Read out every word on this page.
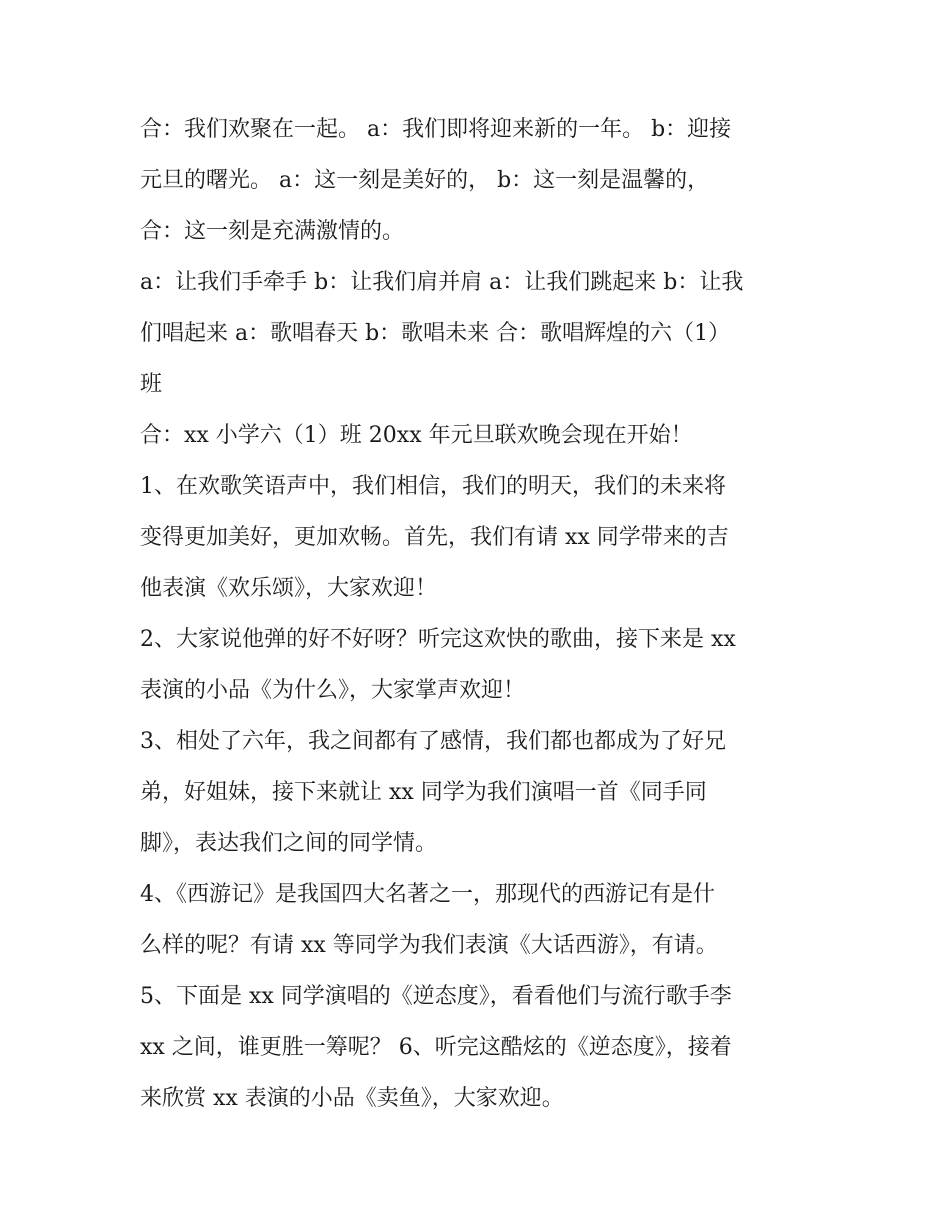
合：我们欢聚在一起。 a：我们即将迎来新的一年。 b：迎接
元旦的曙光。 a：这一刻是美好的， b：这一刻是温馨的，
合：这一刻是充满激情的。

a：让我们手牵手 b：让我们肩并肩 a：让我们跳起来 b：让我
们唱起来 a：歌唱春天 b：歌唱未来 合：歌唱辉煌的六（1）
班

合：xx 小学六（1）班 20xx 年元旦联欢晚会现在开始！

1、在欢歌笑语声中，我们相信，我们的明天，我们的未来将
变得更加美好，更加欢畅。首先，我们有请 xx 同学带来的吉
他表演《欢乐颂》，大家欢迎！

2、大家说他弹的好不好呀？听完这欢快的歌曲，接下来是 xx
表演的小品《为什么》，大家掌声欢迎！

3、相处了六年，我之间都有了感情，我们都也都成为了好兄
弟，好姐妹，接下来就让 xx 同学为我们演唱一首《同手同
脚》，表达我们之间的同学情。

4、《西游记》是我国四大名著之一，那现代的西游记有是什
么样的呢？有请 xx 等同学为我们表演《大话西游》，有请。

5、下面是 xx 同学演唱的《逆态度》，看看他们与流行歌手李
xx 之间，谁更胜一筹呢？ 6、听完这酷炫的《逆态度》，接着
来欣赏 xx 表演的小品《卖鱼》，大家欢迎。
